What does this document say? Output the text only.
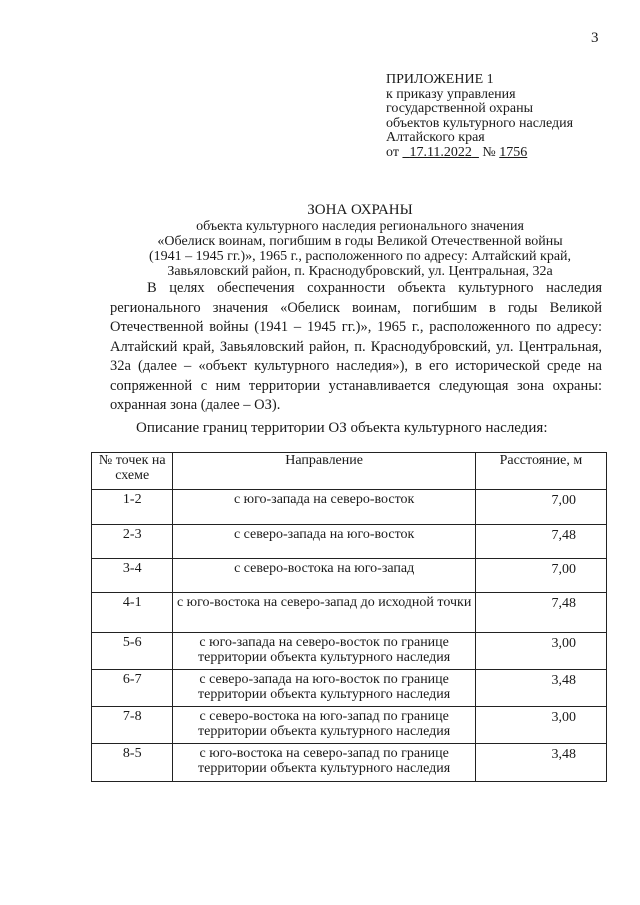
3
ПРИЛОЖЕНИЕ 1
к приказу управления
государственной охраны
объектов культурного наследия
Алтайского края
от 17.11.2022 № 1756
ЗОНА ОХРАНЫ
объекта культурного наследия регионального значения
«Обелиск воинам, погибшим в годы Великой Отечественной войны
(1941 – 1945 гг.)», 1965 г., расположенного по адресу: Алтайский край,
Завьяловский район, п. Краснодубровский, ул. Центральная, 32а

В целях обеспечения сохранности объекта культурного наследия регионального значения «Обелиск воинам, погибшим в годы Великой Отечественной войны (1941 – 1945 гг.)», 1965 г., расположенного по адресу: Алтайский край, Завьяловский район, п. Краснодубровский, ул. Центральная, 32а (далее – «объект культурного наследия»), в его исторической среде на сопряженной с ним территории устанавливается следующая зона охраны: охранная зона (далее – ОЗ).

Описание границ территории ОЗ объекта культурного наследия:
№ точек на схеме	Направление	Расстояние, м
1-2	с юго-запада на северо-восток	7,00
2-3	с северо-запада на юго-восток	7,48
3-4	с северо-востока на юго-запад	7,00
4-1	с юго-востока на северо-запад до исходной точки	7,48
5-6	с юго-запада на северо-восток по границе территории объекта культурного наследия	3,00
6-7	с северо-запада на юго-восток по границе территории объекта культурного наследия	3,48
7-8	с северо-востока на юго-запад по границе территории объекта культурного наследия	3,00
8-5	с юго-востока на северо-запад по границе территории объекта культурного наследия	3,48
